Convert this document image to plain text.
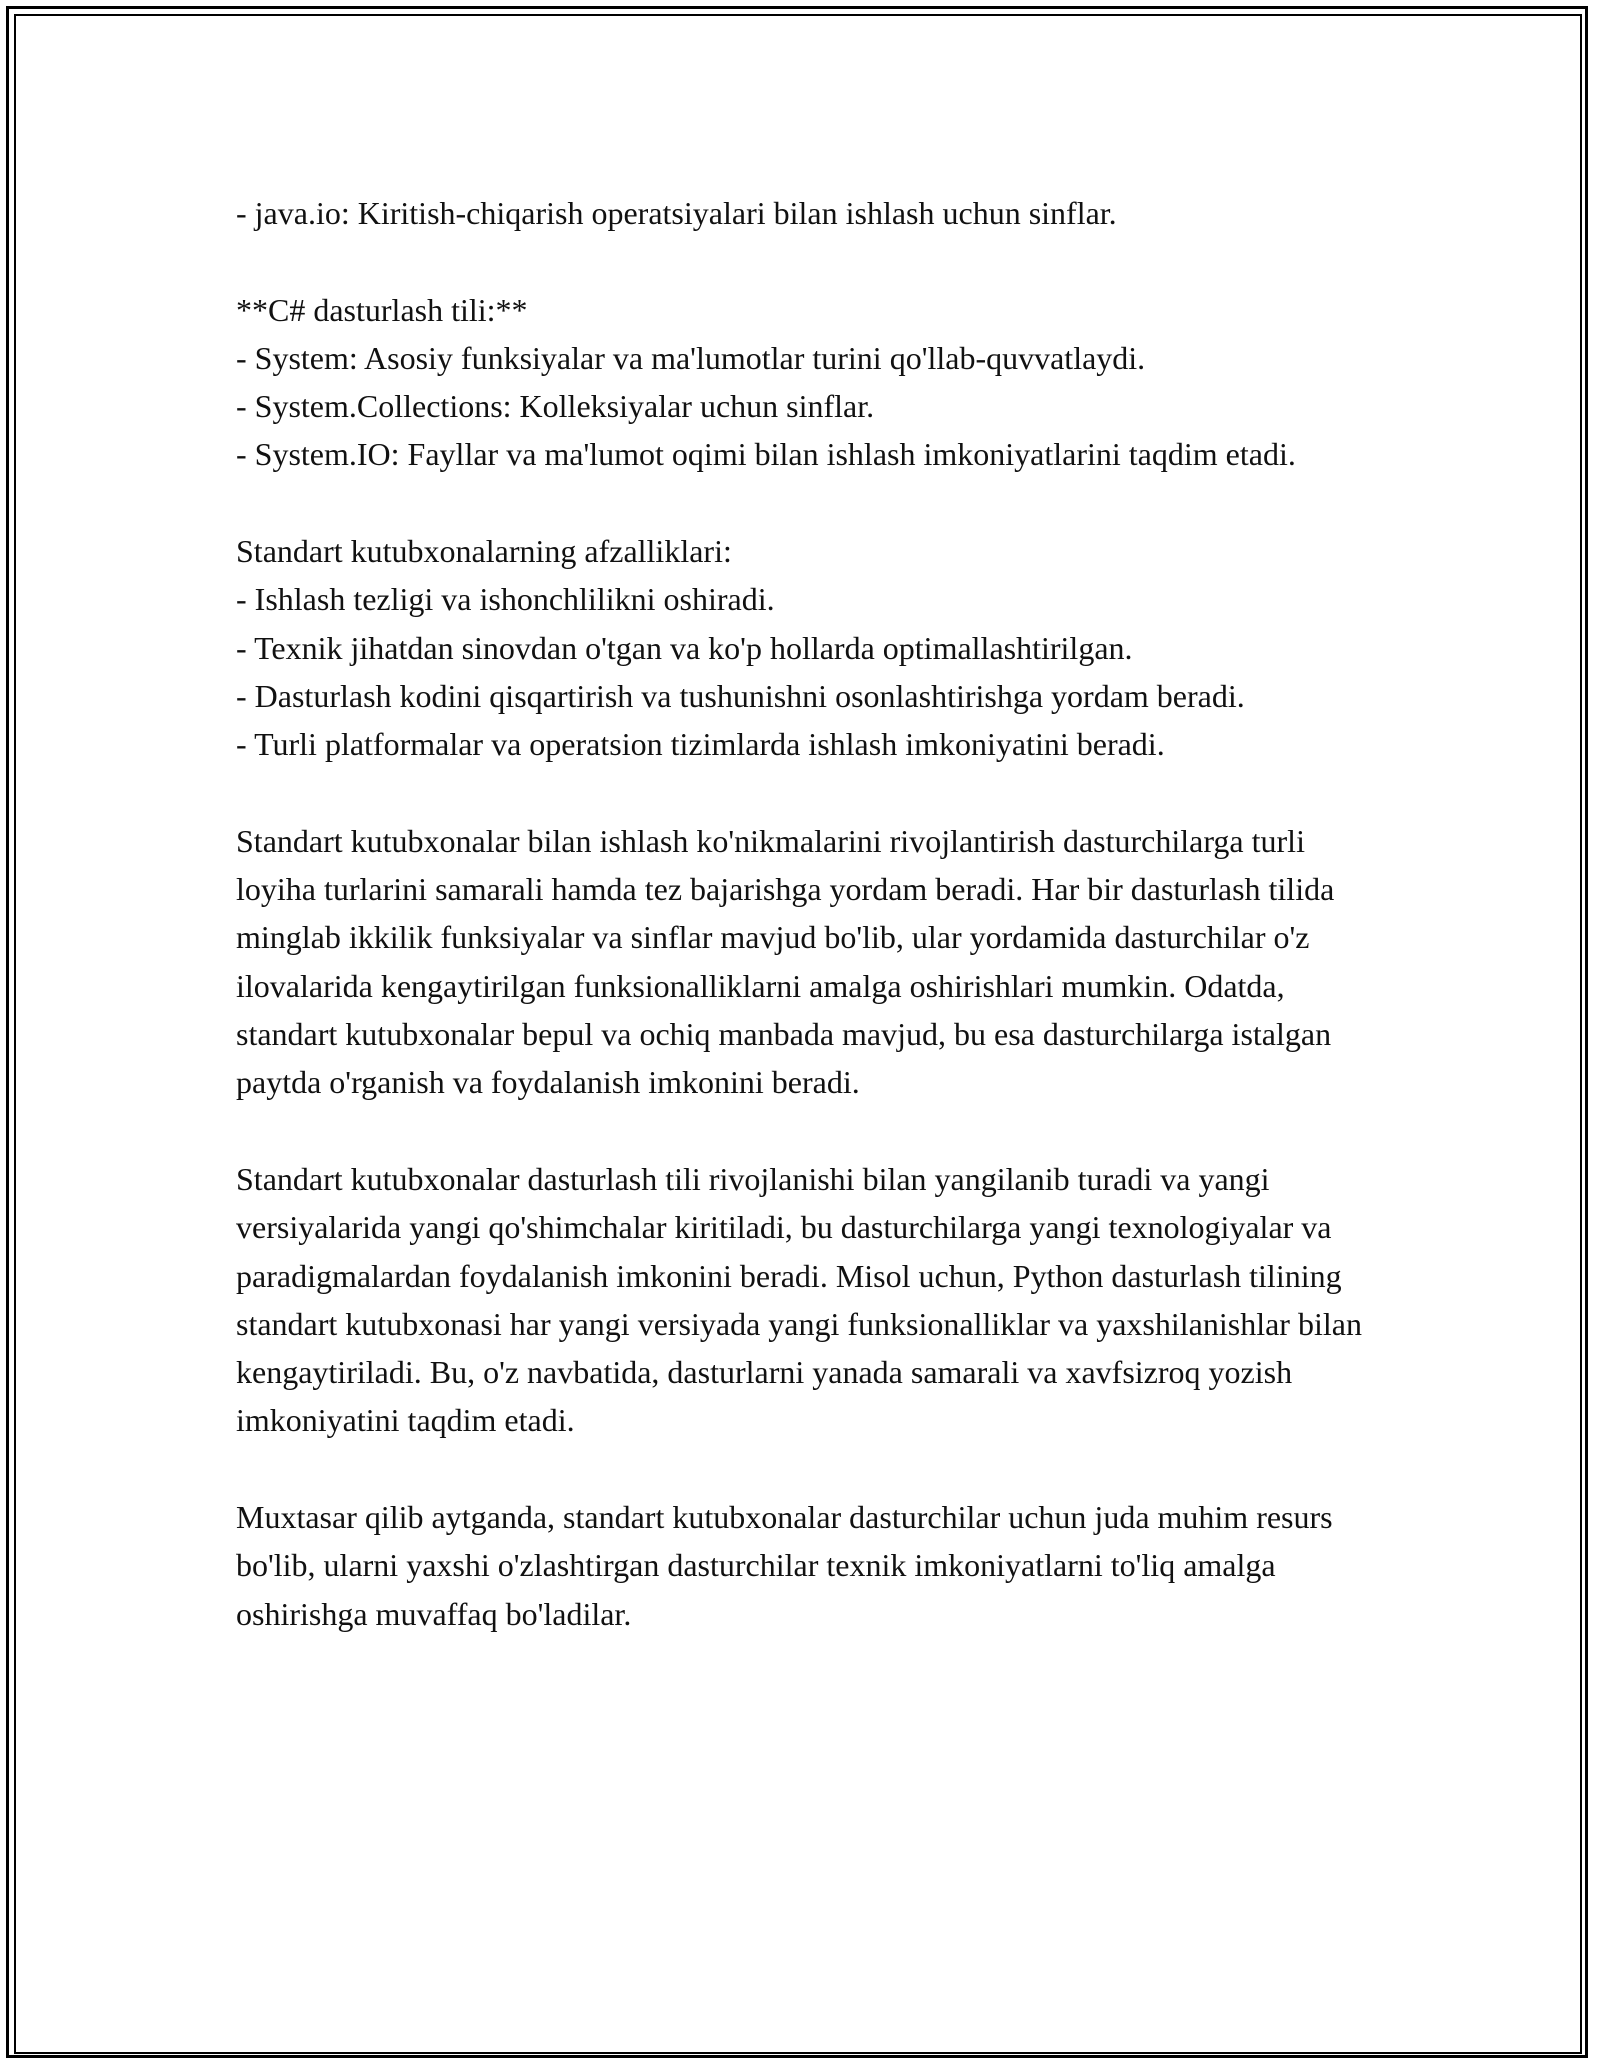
- java.io: Kiritish-chiqarish operatsiyalari bilan ishlash uchun sinflar.

**C# dasturlash tili:**

- System: Asosiy funksiyalar va ma'lumotlar turini qo'llab-quvvatlaydi.

- System.Collections: Kolleksiyalar uchun sinflar.

- System.IO: Fayllar va ma'lumot oqimi bilan ishlash imkoniyatlarini taqdim etadi.

Standart kutubxonalarning afzalliklari:

- Ishlash tezligi va ishonchlilikni oshiradi.

- Texnik jihatdan sinovdan o'tgan va ko'p hollarda optimallashtirilgan.

- Dasturlash kodini qisqartirish va tushunishni osonlashtirishga yordam beradi.

- Turli platformalar va operatsion tizimlarda ishlash imkoniyatini beradi.

Standart kutubxonalar bilan ishlash ko'nikmalarini rivojlantirish dasturchilarga turli loyiha turlarini samarali hamda tez bajarishga yordam beradi. Har bir dasturlash tilida minglab ikkilik funksiyalar va sinflar mavjud bo'lib, ular yordamida dasturchilar o'z ilovalarida kengaytirilgan funksionalliklarni amalga oshirishlari mumkin. Odatda, standart kutubxonalar bepul va ochiq manbada mavjud, bu esa dasturchilarga istalgan paytda o'rganish va foydalanish imkonini beradi.

Standart kutubxonalar dasturlash tili rivojlanishi bilan yangilanib turadi va yangi versiyalarida yangi qo'shimchalar kiritiladi, bu dasturchilarga yangi texnologiyalar va paradigmalardan foydalanish imkonini beradi. Misol uchun, Python dasturlash tilining standart kutubxonasi har yangi versiyada yangi funksionalliklar va yaxshilanishlar bilan kengaytiriladi. Bu, o'z navbatida, dasturlarni yanada samarali va xavfsizroq yozish imkoniyatini taqdim etadi.

Muxtasar qilib aytganda, standart kutubxonalar dasturchilar uchun juda muhim resurs bo'lib, ularni yaxshi o'zlashtirgan dasturchilar texnik imkoniyatlarni to'liq amalga oshirishga muvaffaq bo'ladilar.
